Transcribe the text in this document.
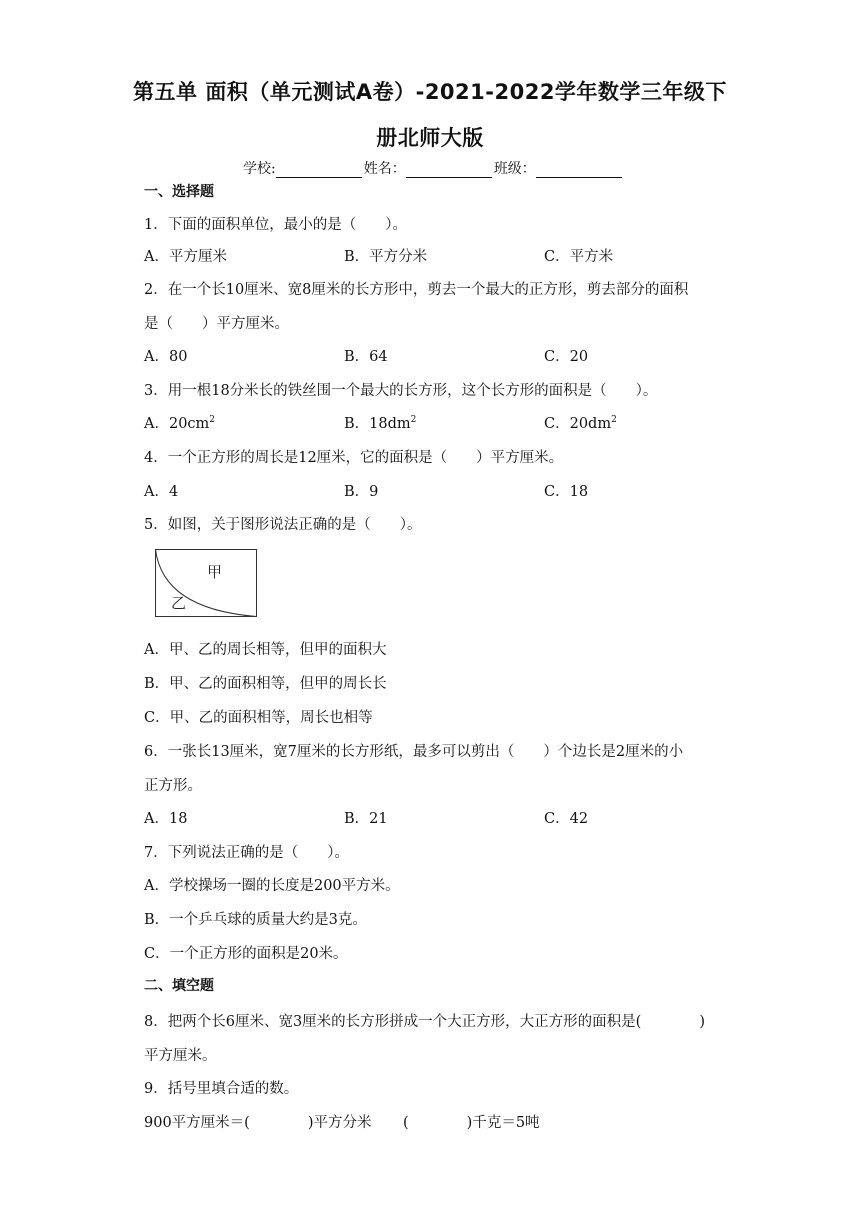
第五单 面积（单元测试A卷）-2021-2022学年数学三年级下
册北师大版
学校:	姓名：	班级：
一、选择题
1．下面的面积单位，最小的是（　　）。
A．平方厘米	B．平方分米	C．平方米
2．在一个长10厘米、宽8厘米的长方形中，剪去一个最大的正方形，剪去部分的面积
是（　　）平方厘米。
A．80	B．64	C．20
3．用一根18分米长的铁丝围一个最大的长方形，这个长方形的面积是（　　）。
A．$20cm^2$	B．$18dm^2$	C．$20dm^2$
4．一个正方形的周长是12厘米，它的面积是（　　）平方厘米。
A．4	B．9	C．18
5．如图，关于图形说法正确的是（　　）。
甲
乙
A．甲、乙的周长相等，但甲的面积大
B．甲、乙的面积相等，但甲的周长长
C．甲、乙的面积相等，周长也相等
6．一张长13厘米，宽7厘米的长方形纸，最多可以剪出（　　）个边长是2厘米的小
正方形。
A．18	B．21	C．42
7．下列说法正确的是（　　）。
A．学校操场一圈的长度是200平方米。
B．一个乒乓球的质量大约是3克。
C．一个正方形的面积是20米。
二、填空题
8．把两个长6厘米、宽3厘米的长方形拼成一个大正方形，大正方形的面积是(　　　　)
平方厘米。
9．括号里填合适的数。
900平方厘米＝(　　　　)平方分米 (　　　　)千克＝5吨
